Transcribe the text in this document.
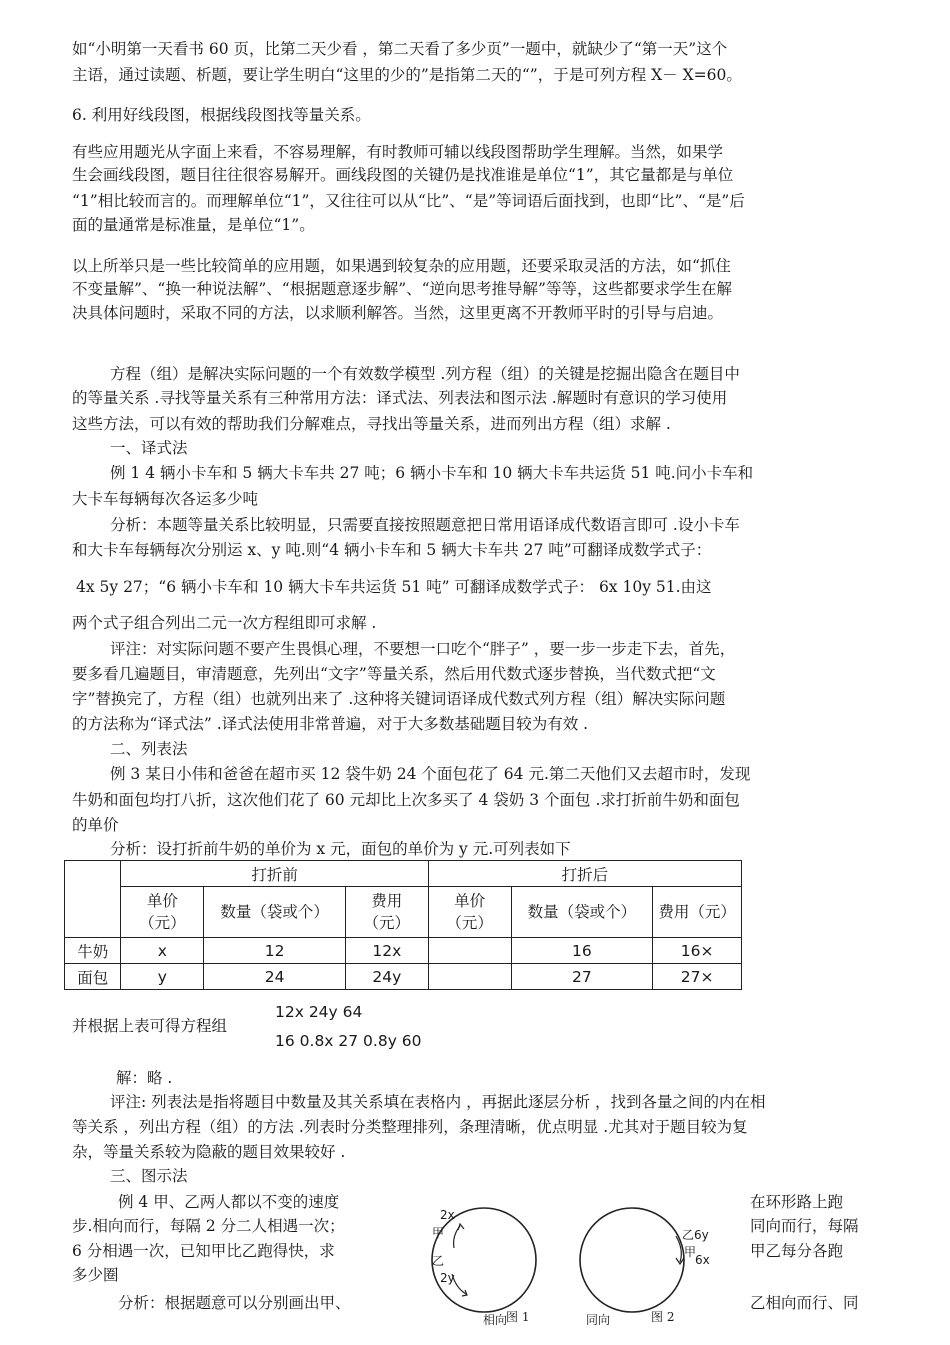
如“小明第一天看书 60 页，比第二天少看 ，第二天看了多少页”一题中，就缺少了“第一天”这个
主语，通过读题、析题，要让学生明白“这里的少的”是指第二天的“”，于是可列方程 X－ X=60。
6. 利用好线段图，根据线段图找等量关系。
有些应用题光从字面上来看，不容易理解，有时教师可辅以线段图帮助学生理解。当然，如果学
生会画线段图，题目往往很容易解开。画线段图的关键仍是找准谁是单位“1”，其它量都是与单位
“1”相比较而言的。而理解单位“1”，又往往可以从“比”、“是”等词语后面找到，也即“比”、“是”后
面的量通常是标准量，是单位“1”。
以上所举只是一些比较简单的应用题，如果遇到较复杂的应用题，还要采取灵活的方法，如“抓住
不变量解”、“换一种说法解”、“根据题意逐步解”、“逆向思考推导解”等等，这些都要求学生在解
决具体问题时，采取不同的方法，以求顺利解答。当然，这里更离不开教师平时的引导与启迪。
方程（组）是解决实际问题的一个有效数学模型 .列方程（组）的关键是挖掘出隐含在题目中
的等量关系 .寻找等量关系有三种常用方法：译式法、列表法和图示法 .解题时有意识的学习使用
这些方法，可以有效的帮助我们分解难点，寻找出等量关系，进而列出方程（组）求解 .
一、译式法
例 1 4 辆小卡车和 5 辆大卡车共 27 吨；6 辆小卡车和 10 辆大卡车共运货 51 吨.问小卡车和
大卡车每辆每次各运多少吨
分析：本题等量关系比较明显，只需要直接按照题意把日常用语译成代数语言即可 .设小卡车
和大卡车每辆每次分别运 x、y 吨.则“4 辆小卡车和 5 辆大卡车共 27 吨”可翻译成数学式子：
4x 5y 27；“6 辆小卡车和 10 辆大卡车共运货 51 吨” 可翻译成数学式子： 6x 10y 51.由这
两个式子组合列出二元一次方程组即可求解 .
评注：对实际问题不要产生畏惧心理，不要想一口吃个“胖子” ，要一步一步走下去，首先，
要多看几遍题目，审清题意，先列出“文字”等量关系，然后用代数式逐步替换，当代数式把“文
字”替换完了，方程（组）也就列出来了 .这种将关键词语译成代数式列方程（组）解决实际问题
的方法称为“译式法” .译式法使用非常普遍，对于大多数基础题目较为有效 .
二、列表法
例 3 某日小伟和爸爸在超市买 12 袋牛奶 24 个面包花了 64 元.第二天他们又去超市时，发现
牛奶和面包均打八折，这次他们花了 60 元却比上次多买了 4 袋奶 3 个面包 .求打折前牛奶和面包
的单价
分析：设打折前牛奶的单价为 x 元，面包的单价为 y 元.可列表如下
	打折前			打折后		
	单价（元）	数量（袋或个）	费用（元）	单价（元）	数量（袋或个）	费用（元）
牛奶	x	12	12x		16	16×
面包	y	24	24y		27	27×
并根据上表可得方程组
12x 24y 64
16 0.8x 27 0.8y 60
解：略 .
评注: 列表法是指将题目中数量及其关系填在表格内 ，再据此逐层分析 ，找到各量之间的内在相
等关系 ，列出方程（组）的方法 .列表时分类整理排列，条理清晰，优点明显 .尤其对于题目较为复
杂，等量关系较为隐蔽的题目效果较好 .
三、图示法
例 4 甲、乙两人都以不变的速度
步.相向而行，每隔 2 分二人相遇一次；
6 分相遇一次，已知甲比乙跑得快，求
多少圈
分析：根据题意可以分别画出甲、
在环形路上跑
同向而行，每隔
甲乙每分各跑
乙相向而行、同
2x
甲
乙
2y
相向
图 1
乙6y
甲
6x
同向	图 2
